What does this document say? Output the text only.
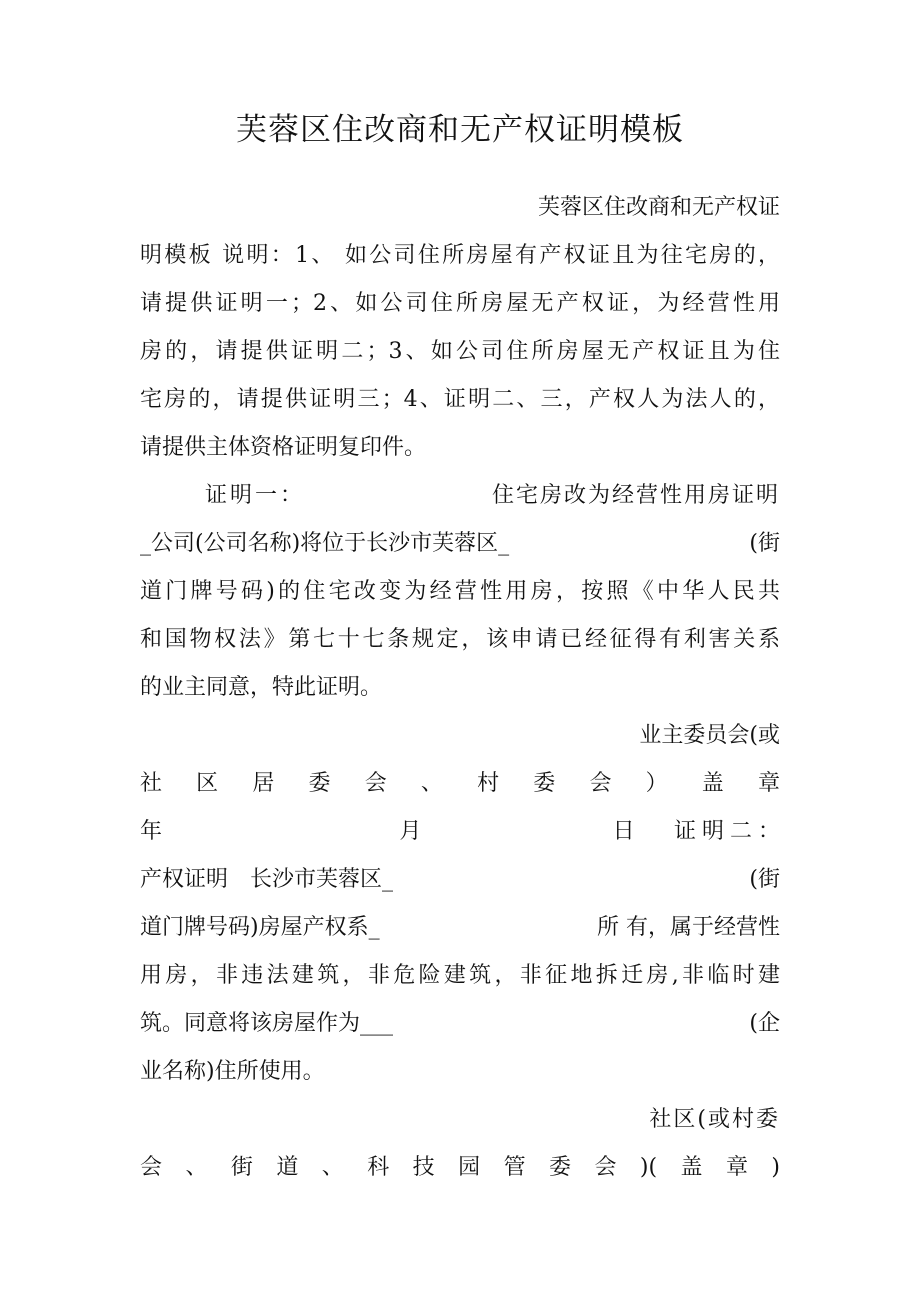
芙蓉区住改商和无产权证明模板
芙蓉区住改商和无产权证
明模板 说明：1、 如公司住所房屋有产权证且为往宅房的，
请提供证明一；2、如公司住所房屋无产权证，为经营性用
房的，请提供证明二；3、如公司住所房屋无产权证且为住
宅房的，请提供证明三；4、证明二、三，产权人为法人的，
请提供主体资格证明复印件。
证明一：	住宅房改为经营性用房证明
_公司(公司名称)将位于长沙市芙蓉区_	(街
道门牌号码)的住宅改变为经营性用房，按照《中华人民共
和国物权法》第七十七条规定，该申请已经征得有利害关系
的业主同意，特此证明。
业主委员会(或
社区居委会、村委会）盖章
年	月	日	证明二：
产权证明　长沙市芙蓉区_	(街
道门牌号码)房屋产权系_	所 有，属于经营性
用房，非违法建筑，非危险建筑，非征地拆迁房,非临时建
筑。同意将该房屋作为___	(企
业名称)住所使用。
社区(或村委
会、街道、科技园管委会)(盖章)
